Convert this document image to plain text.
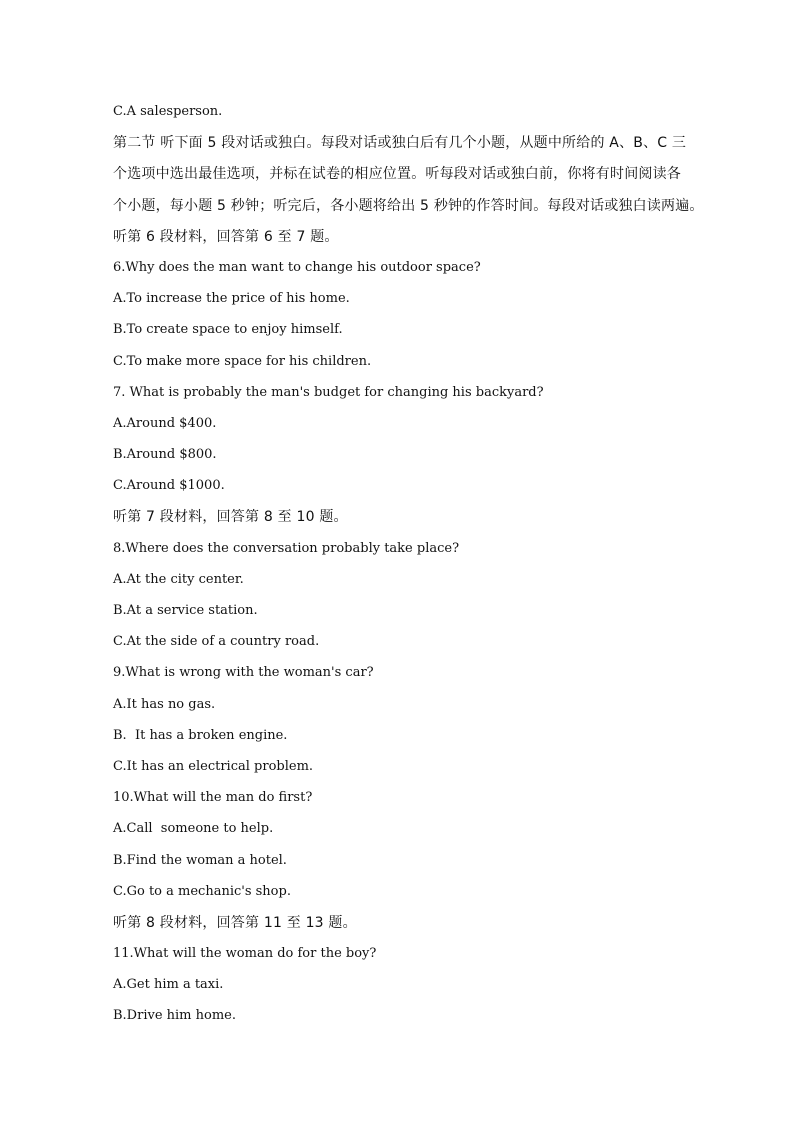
C.A salesperson.
第二节 听下面 5 段对话或独白。每段对话或独白后有几个小题，从题中所给的 A、B、C 三
个选项中选出最佳选项，并标在试卷的相应位置。听每段对话或独白前，你将有时间阅读各
个小题，每小题 5 秒钟；听完后，各小题将给出 5 秒钟的作答时间。每段对话或独白读两遍。
听第 6 段材料，回答第 6 至 7 题。
6.Why does the man want to change his outdoor space?
A.To increase the price of his home.
B.To create space to enjoy himself.
C.To make more space for his children.
7. What is probably the man's budget for changing his backyard?
A.Around $400.
B.Around $800.
C.Around $1000.
听第 7 段材料，回答第 8 至 10 题。
8.Where does the conversation probably take place?
A.At the city center.
B.At a service station.
C.At the side of a country road.
9.What is wrong with the woman's car?
A.It has no gas.
B.  It has a broken engine.
C.It has an electrical problem.
10.What will the man do first?
A.Call  someone to help.
B.Find the woman a hotel.
C.Go to a mechanic's shop.
听第 8 段材料，回答第 11 至 13 题。
11.What will the woman do for the boy?
A.Get him a taxi.
B.Drive him home.
